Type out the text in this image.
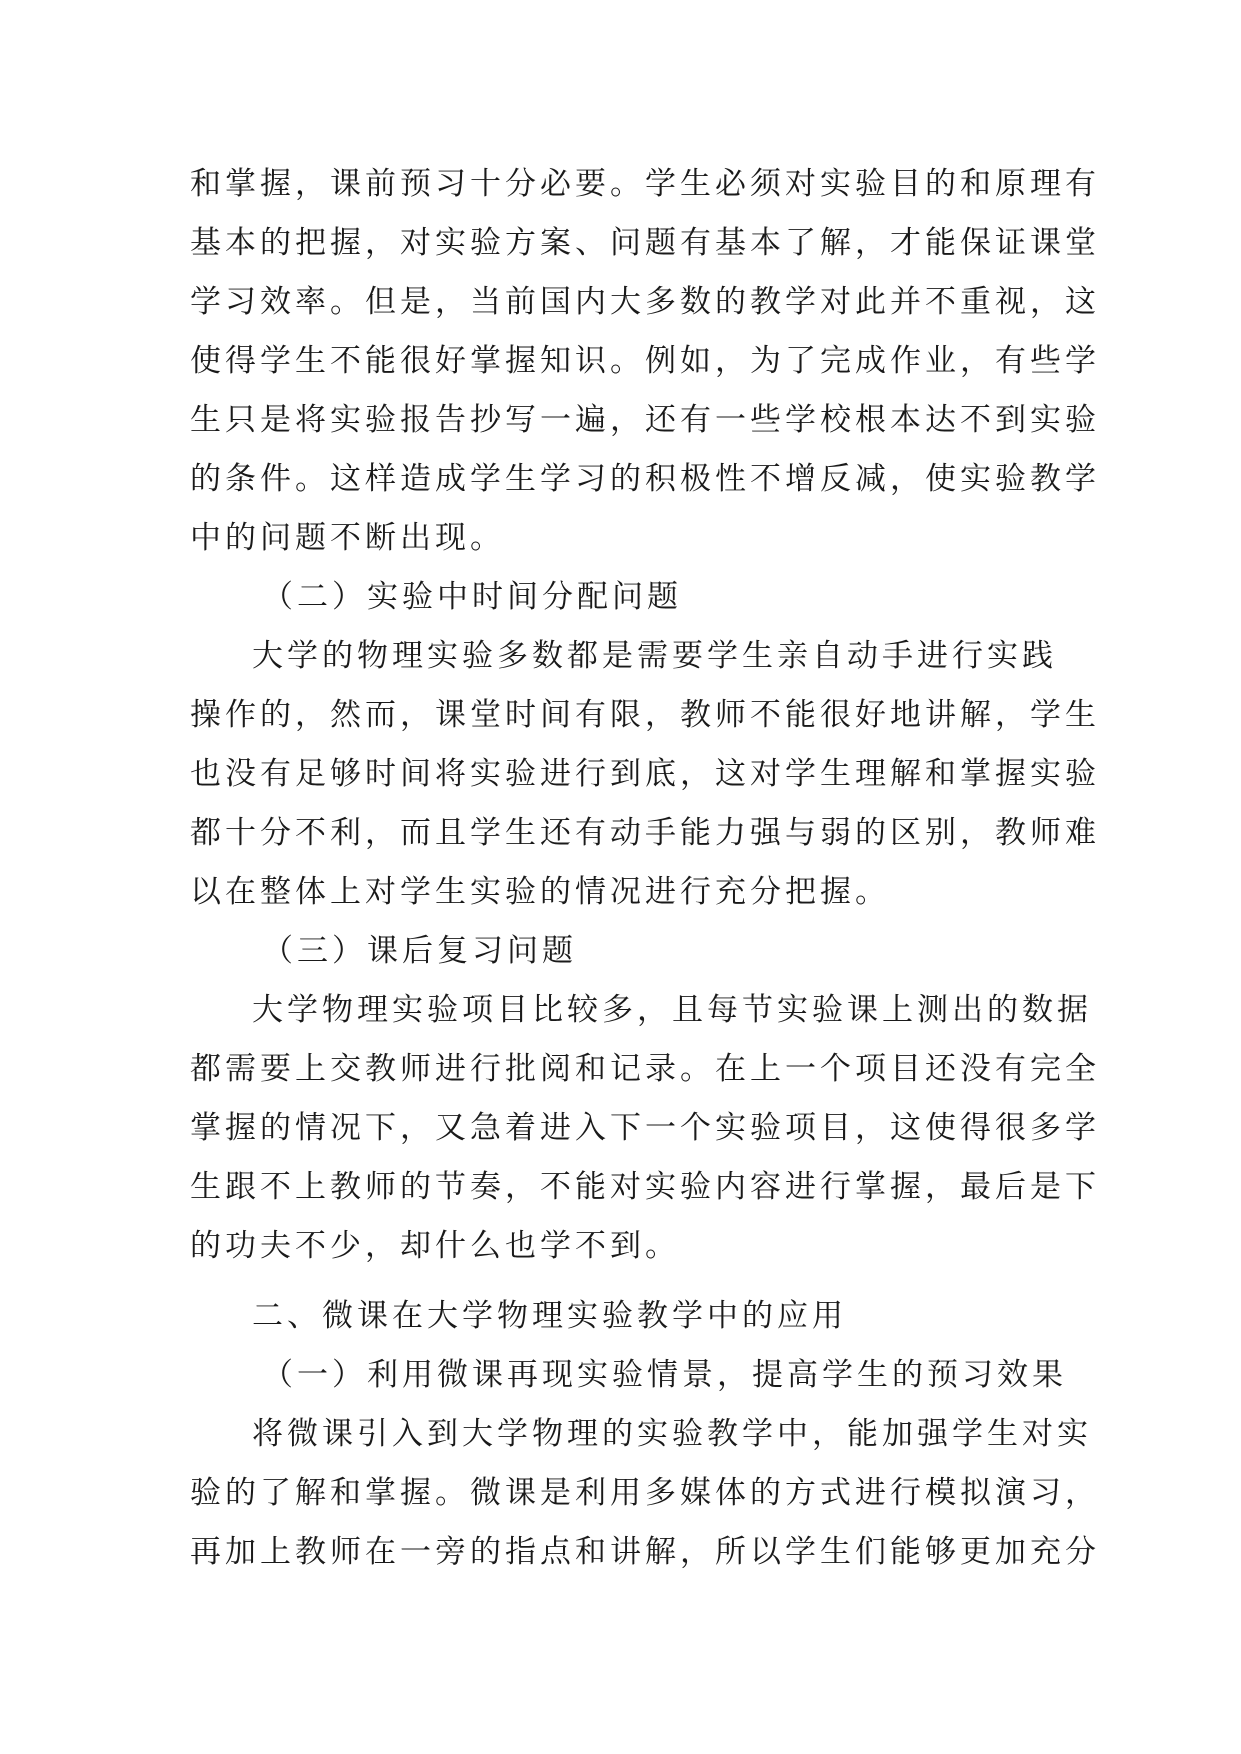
和掌握，课前预习十分必要。学生必须对实验目的和原理有
基本的把握，对实验方案、问题有基本了解，才能保证课堂
学习效率。但是，当前国内大多数的教学对此并不重视，这
使得学生不能很好掌握知识。例如，为了完成作业，有些学
生只是将实验报告抄写一遍，还有一些学校根本达不到实验
的条件。这样造成学生学习的积极性不增反减，使实验教学
中的问题不断出现。
（二）实验中时间分配问题
大学的物理实验多数都是需要学生亲自动手进行实践
操作的，然而，课堂时间有限，教师不能很好地讲解，学生
也没有足够时间将实验进行到底，这对学生理解和掌握实验
都十分不利，而且学生还有动手能力强与弱的区别，教师难
以在整体上对学生实验的情况进行充分把握。
（三）课后复习问题
大学物理实验项目比较多，且每节实验课上测出的数据
都需要上交教师进行批阅和记录。在上一个项目还没有完全
掌握的情况下，又急着进入下一个实验项目，这使得很多学
生跟不上教师的节奏，不能对实验内容进行掌握，最后是下
的功夫不少，却什么也学不到。
二、微课在大学物理实验教学中的应用
（一）利用微课再现实验情景，提高学生的预习效果
将微课引入到大学物理的实验教学中，能加强学生对实
验的了解和掌握。微课是利用多媒体的方式进行模拟演习，
再加上教师在一旁的指点和讲解，所以学生们能够更加充分
